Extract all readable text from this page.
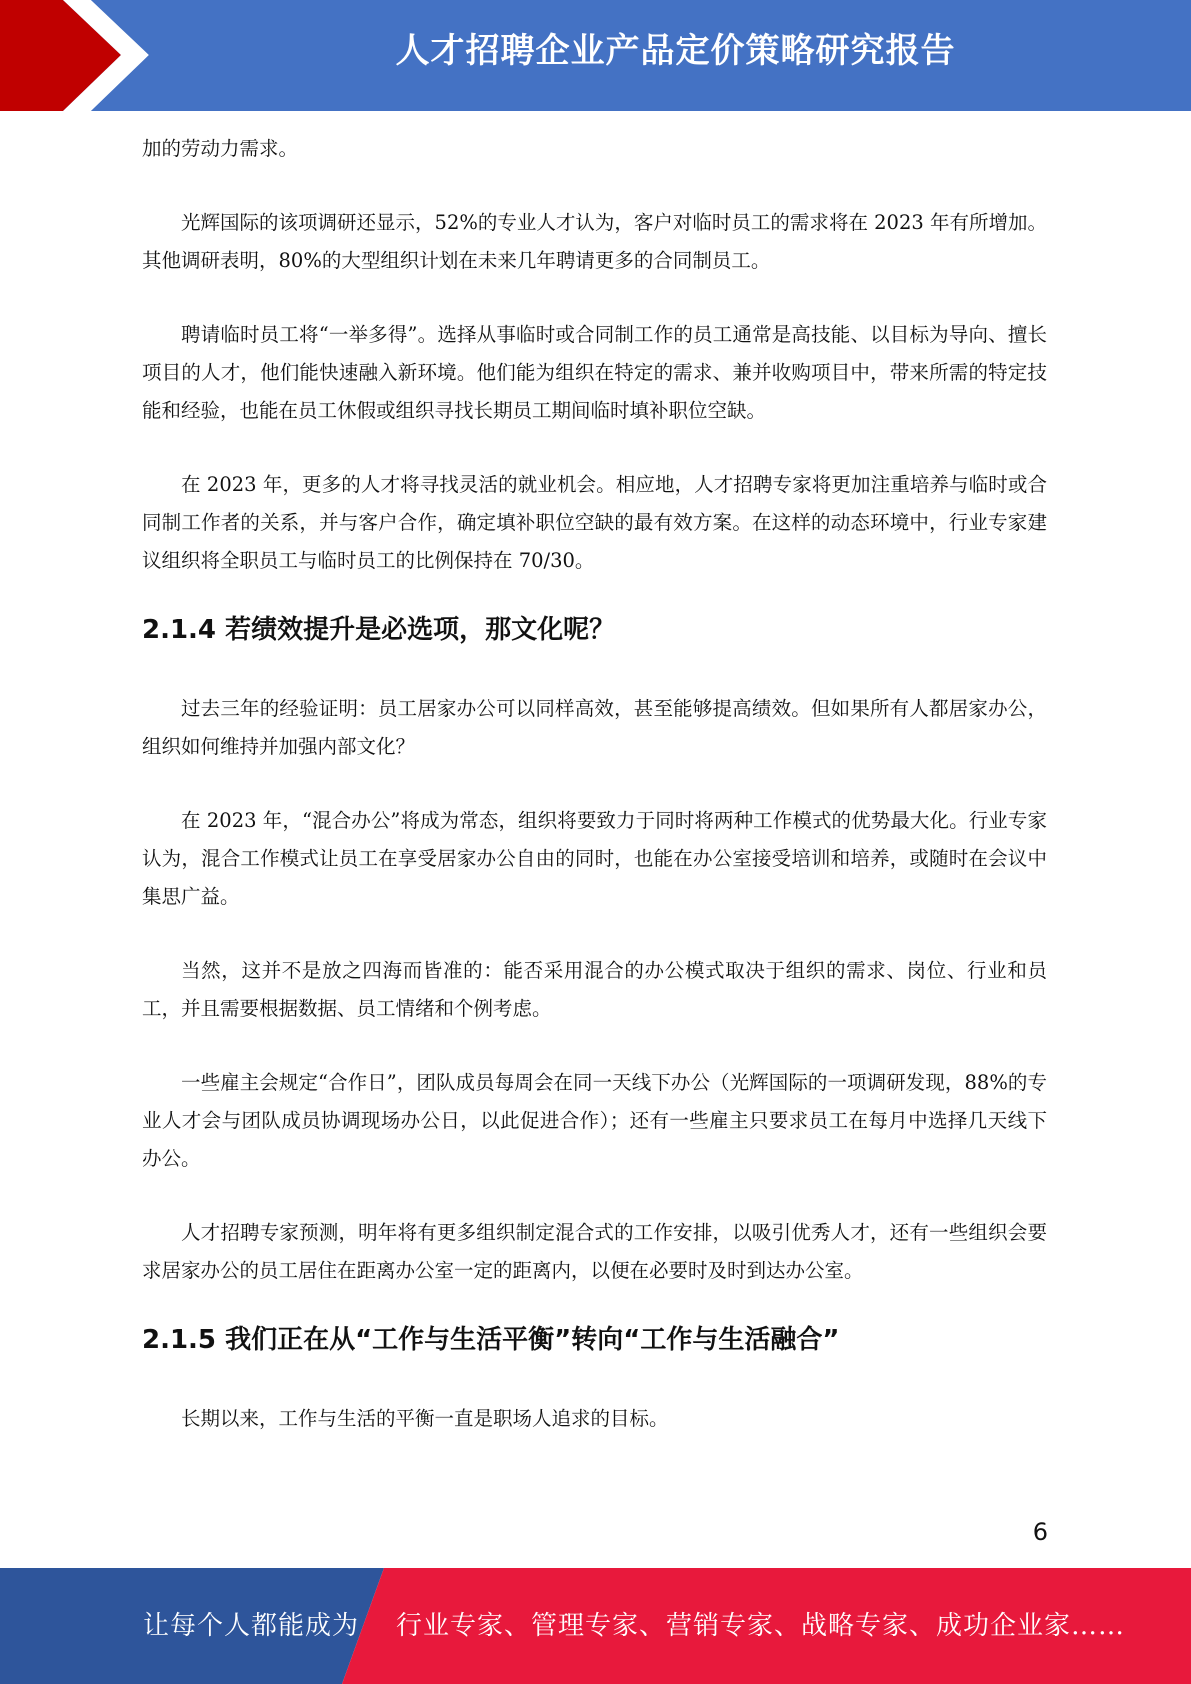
人才招聘企业产品定价策略研究报告

加的劳动力需求。

光辉国际的该项调研还显示，52%的专业人才认为，客户对临时员工的需求将在 2023 年有所增加。其他调研表明，80%的大型组织计划在未来几年聘请更多的合同制员工。

聘请临时员工将“一举多得”。选择从事临时或合同制工作的员工通常是高技能、以目标为导向、擅长项目的人才，他们能快速融入新环境。他们能为组织在特定的需求、兼并收购项目中，带来所需的特定技能和经验，也能在员工休假或组织寻找长期员工期间临时填补职位空缺。

在 2023 年，更多的人才将寻找灵活的就业机会。相应地，人才招聘专家将更加注重培养与临时或合同制工作者的关系，并与客户合作，确定填补职位空缺的最有效方案。在这样的动态环境中，行业专家建议组织将全职员工与临时员工的比例保持在 70/30。

2.1.4 若绩效提升是必选项，那文化呢？

过去三年的经验证明：员工居家办公可以同样高效，甚至能够提高绩效。但如果所有人都居家办公，组织如何维持并加强内部文化？

在 2023 年，“混合办公”将成为常态，组织将要致力于同时将两种工作模式的优势最大化。行业专家认为，混合工作模式让员工在享受居家办公自由的同时，也能在办公室接受培训和培养，或随时在会议中集思广益。

当然，这并不是放之四海而皆准的：能否采用混合的办公模式取决于组织的需求、岗位、行业和员工，并且需要根据数据、员工情绪和个例考虑。

一些雇主会规定“合作日”，团队成员每周会在同一天线下办公（光辉国际的一项调研发现，88%的专业人才会与团队成员协调现场办公日，以此促进合作）；还有一些雇主只要求员工在每月中选择几天线下办公。

人才招聘专家预测，明年将有更多组织制定混合式的工作安排，以吸引优秀人才，还有一些组织会要求居家办公的员工居住在距离办公室一定的距离内，以便在必要时及时到达办公室。

2.1.5 我们正在从“工作与生活平衡”转向“工作与生活融合”

长期以来，工作与生活的平衡一直是职场人追求的目标。

6
让每个人都能成为 行业专家、管理专家、营销专家、战略专家、成功企业家……
